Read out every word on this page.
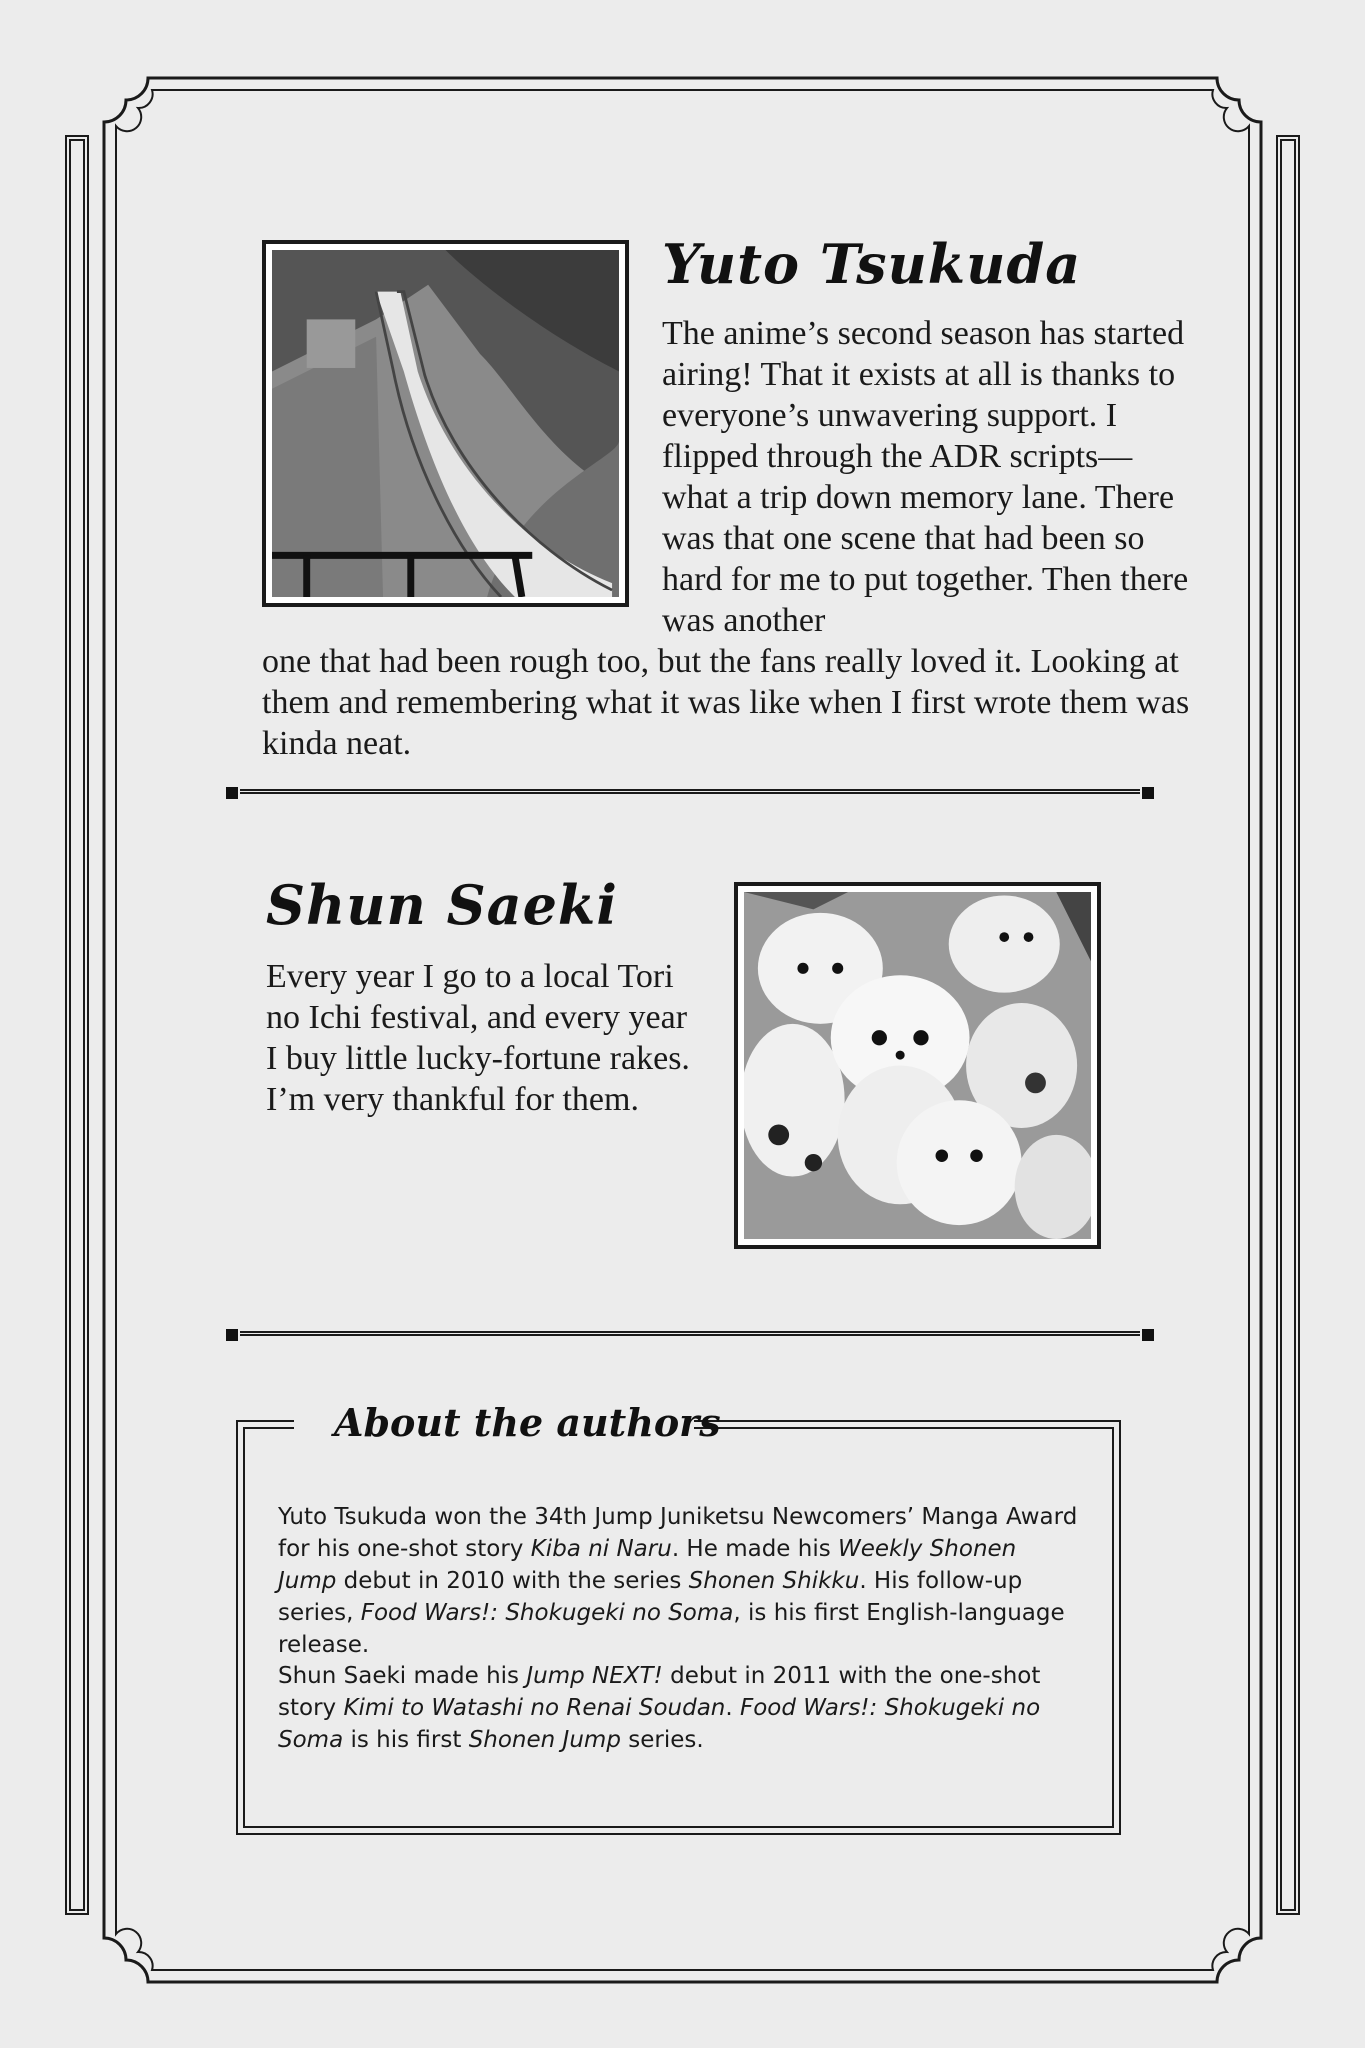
Yuto Tsukuda

The anime’s second season has started airing! That it exists at all is thanks to everyone’s unwavering support. I flipped through the ADR scripts—what a trip down memory lane. There was that one scene that had been so hard for me to put together. Then there was another

one that had been rough too, but the fans really loved it. Looking at them and remembering what it was like when I first wrote them was kinda neat.

Shun Saeki

Every year I go to a local Tori no Ichi festival, and every year I buy little lucky-fortune rakes. I’m very thankful for them.

About the authors

Yuto Tsukuda won the 34th Jump Juniketsu Newcomers’ Manga Award for his one-shot story Kiba ni Naru. He made his Weekly Shonen Jump debut in 2010 with the series Shonen Shikku. His follow-up series, Food Wars!: Shokugeki no Soma, is his first English-language release.

Shun Saeki made his Jump NEXT! debut in 2011 with the one-shot story Kimi to Watashi no Renai Soudan. Food Wars!: Shokugeki no Soma is his first Shonen Jump series.
